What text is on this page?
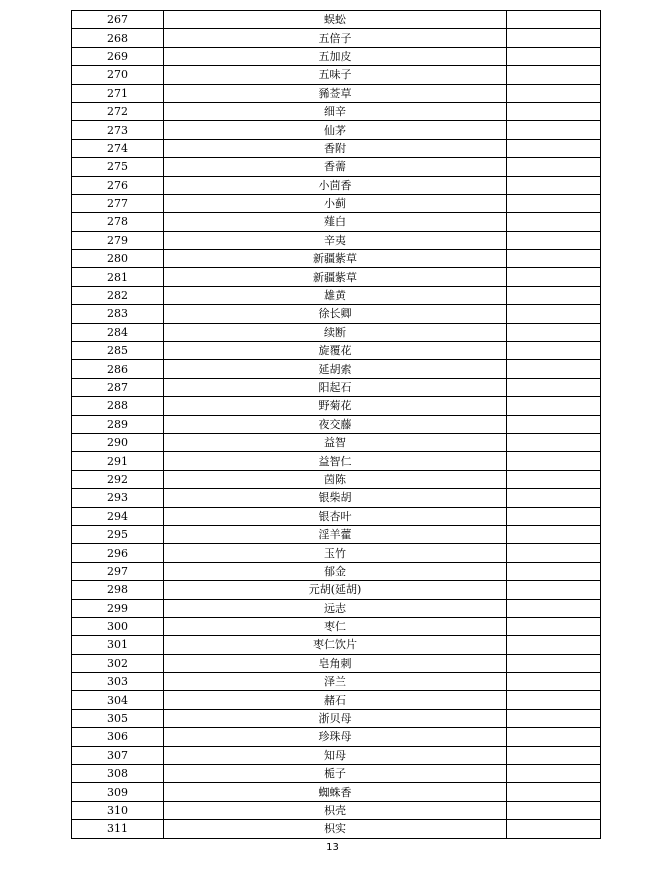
267	蜈蚣	
268	五倍子	
269	五加皮	
270	五味子	
271	豨莶草	
272	细辛	
273	仙茅	
274	香附	
275	香薷	
276	小茴香	
277	小蓟	
278	薤白	
279	辛夷	
280	新疆紫草	
281	新疆紫草	
282	雄黄	
283	徐长卿	
284	续断	
285	旋覆花	
286	延胡索	
287	阳起石	
288	野菊花	
289	夜交藤	
290	益智	
291	益智仁	
292	茵陈	
293	银柴胡	
294	银杏叶	
295	淫羊藿	
296	玉竹	
297	郁金	
298	元胡(延胡)	
299	远志	
300	枣仁	
301	枣仁饮片	
302	皂角刺	
303	泽兰	
304	赭石	
305	浙贝母	
306	珍珠母	
307	知母	
308	栀子	
309	蜘蛛香	
310	枳壳	
311	枳实	
13
